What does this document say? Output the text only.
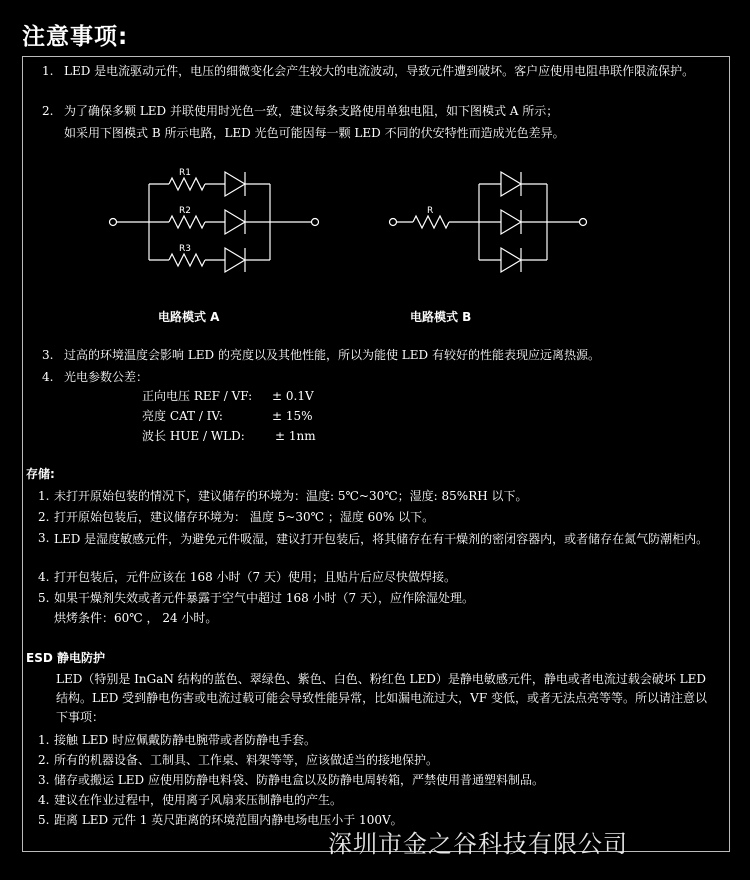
注意事项:
1. LED 是电流驱动元件，电压的细微变化会产生较大的电流波动，导致元件遭到破坏。客户应使用电阻串联作限流保护。
2. 为了确保多颗 LED 并联使用时光色一致，建议每条支路使用单独电阻，如下图模式 A 所示；
如采用下图模式 B 所示电路，LED 光色可能因每一颗 LED 不同的伏安特性而造成光色差异。
R1
R2
R3
R
电路模式 A	电路模式 B
3. 过高的环境温度会影响 LED 的亮度以及其他性能，所以为能使 LED 有较好的性能表现应远离热源。
4. 光电参数公差：
正向电压 REF / VF: ± 0.1V
亮度 CAT / IV:	± 15%
波长 HUE / WLD:	± 1nm
存储:
1. 未打开原始包装的情况下，建议储存的环境为：温度: 5℃~30℃；湿度: 85%RH 以下。
2. 打开原始包装后，建议储存环境为： 温度 5~30℃ ；湿度 60% 以下。
3. LED 是湿度敏感元件，为避免元件吸湿，建议打开包装后，将其储存在有干燥剂的密闭容器内，或者储存在氮气防潮柜内。
4. 打开包装后，元件应该在 168 小时（7 天）使用；且贴片后应尽快做焊接。
5. 如果干燥剂失效或者元件暴露于空气中超过 168 小时（7 天），应作除湿处理。
烘烤条件：60℃ ， 24 小时。
ESD 静电防护
LED（特别是 InGaN 结构的蓝色、翠绿色、紫色、白色、粉红色 LED）是静电敏感元件，静电或者电流过载会破坏 LED 结构。LED 受到静电伤害或电流过载可能会导致性能异常，比如漏电流过大，VF 变低，或者无法点亮等等。所以请注意以下事项：
1. 接触 LED 时应佩戴防静电腕带或者防静电手套。
2. 所有的机器设备、工制具、工作桌、料架等等，应该做适当的接地保护。
3. 储存或搬运 LED 应使用防静电料袋、防静电盒以及防静电周转箱，严禁使用普通塑料制品。
4. 建议在作业过程中，使用离子风扇来压制静电的产生。
5. 距离 LED 元件 1 英尺距离的环境范围内静电场电压小于 100V。
深圳市金之谷科技有限公司
